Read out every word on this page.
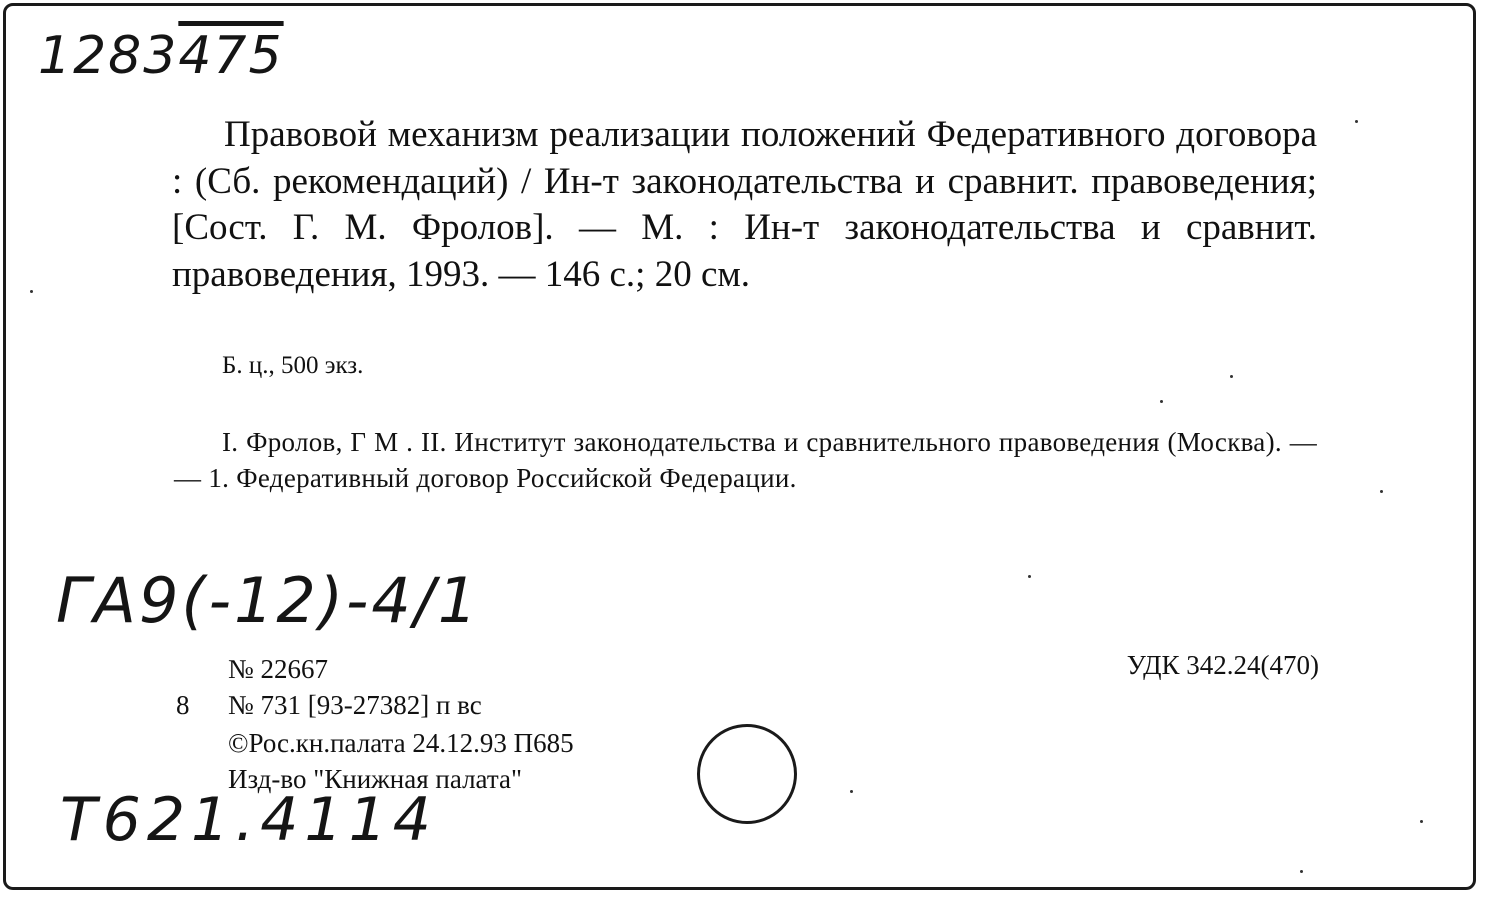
1283475

Правовой механизм реализации положений Федеративного договора : (Сб. рекомендаций) / Ин-т законодательства и сравнит. правоведения; [Сост. Г. М. Фролов]. — М. : Ин-т законодательства и сравнит. правоведения, 1993. — 146 с.; 20 см.

Б. ц., 500 экз.

I. Фролов, Г М . II. Институт законодательства и сравнительного правоведения (Москва). — — 1. Федеративный договор Российской Федерации.

ГА9(-12)-4/1
№ 22667
8 № 731 [93-27382] п вс
©Рос.кн.палата 24.12.93 П685
Изд-во "Книжная палата"
УДК 342.24(470)
Т621.4114
